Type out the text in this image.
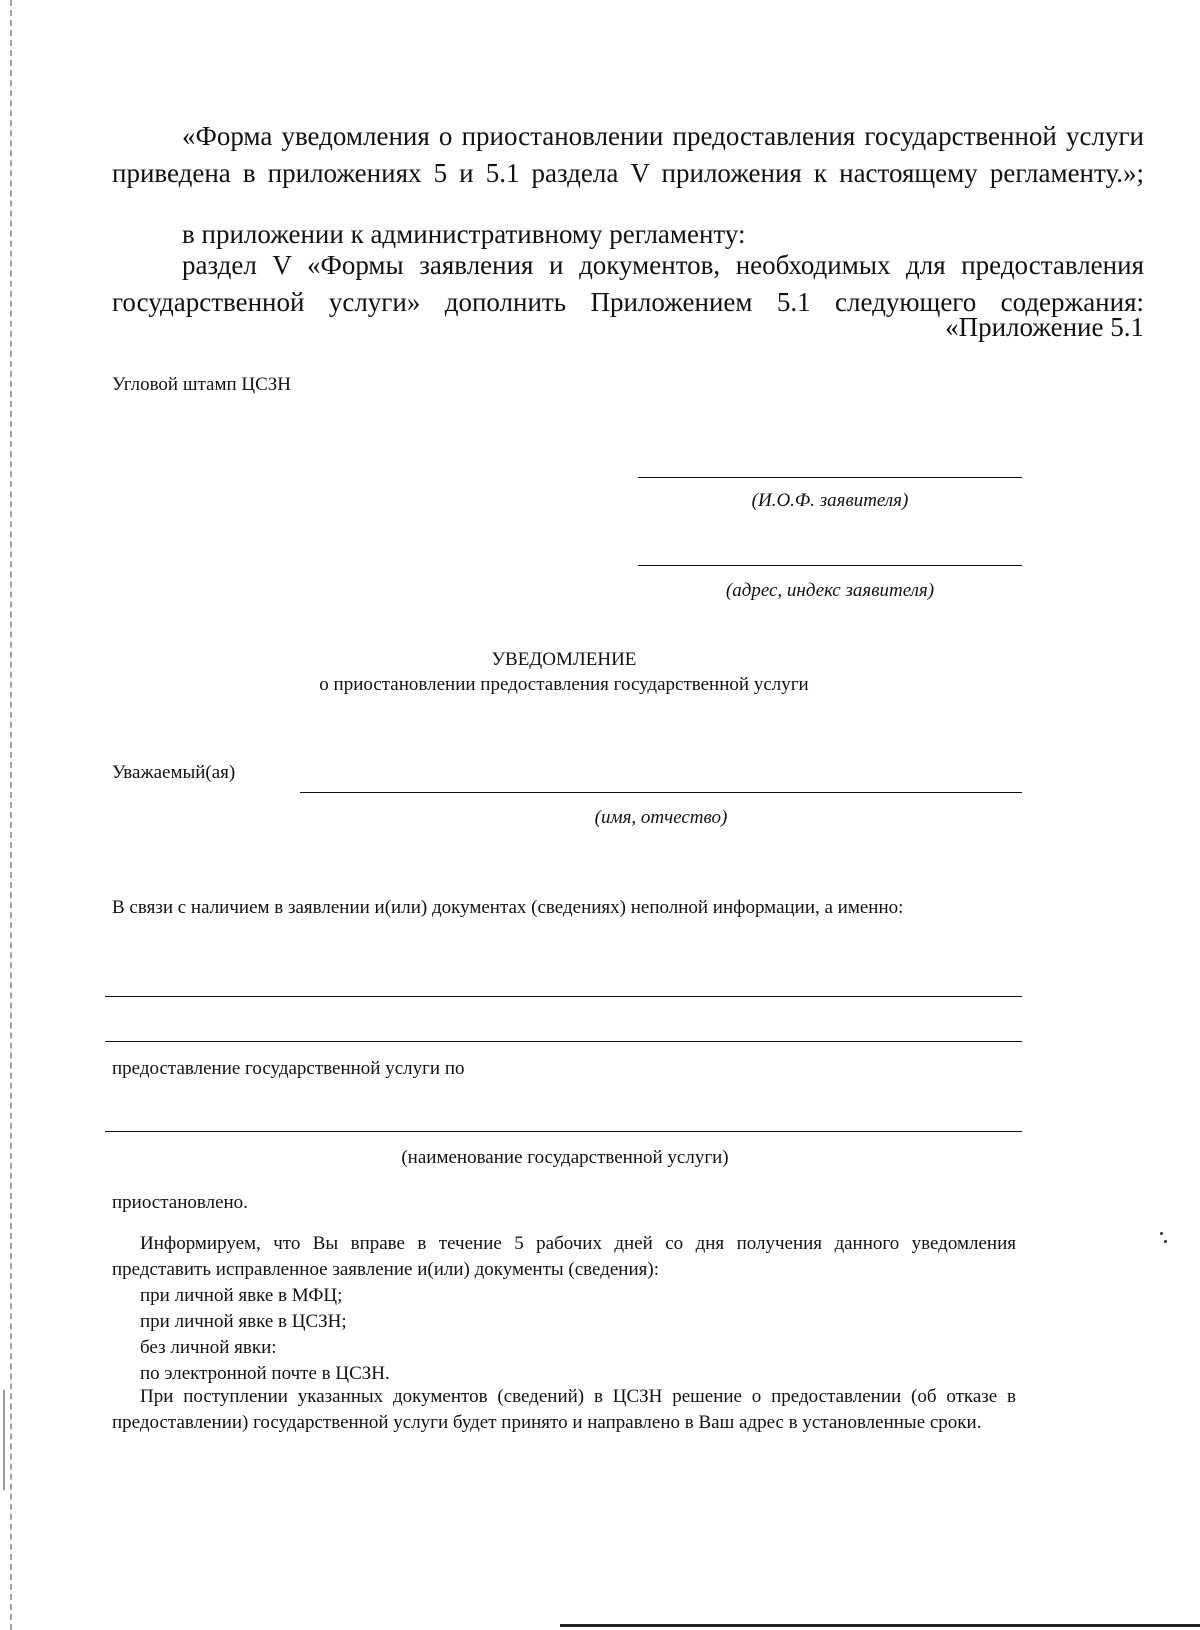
«Форма уведомления о приостановлении предоставления государственной услуги приведена в приложениях 5 и 5.1 раздела V приложения к настоящему регламенту.»;
в приложении к административному регламенту:
раздел V «Формы заявления и документов, необходимых для предоставления государственной услуги» дополнить Приложением 5.1 следующего содержания:
«Приложение 5.1
Угловой штамп ЦСЗН
(И.О.Ф. заявителя)
(адрес, индекс заявителя)
УВЕДОМЛЕНИЕ
о приостановлении предоставления государственной услуги
Уважаемый(ая)
(имя, отчество)
В связи с наличием в заявлении и(или) документах (сведениях) неполной информации, а именно:
предоставление государственной услуги по
(наименование государственной услуги)
приостановлено.
Информируем, что Вы вправе в течение 5 рабочих дней со дня получения данного уведомления представить исправленное заявление и(или) документы (сведения):
при личной явке в МФЦ;
при личной явке в ЦСЗН;
без личной явки:
по электронной почте в ЦСЗН.
При поступлении указанных документов (сведений) в ЦСЗН решение о предоставлении (об отказе в предоставлении) государственной услуги будет принято и направлено в Ваш адрес в установленные сроки.
